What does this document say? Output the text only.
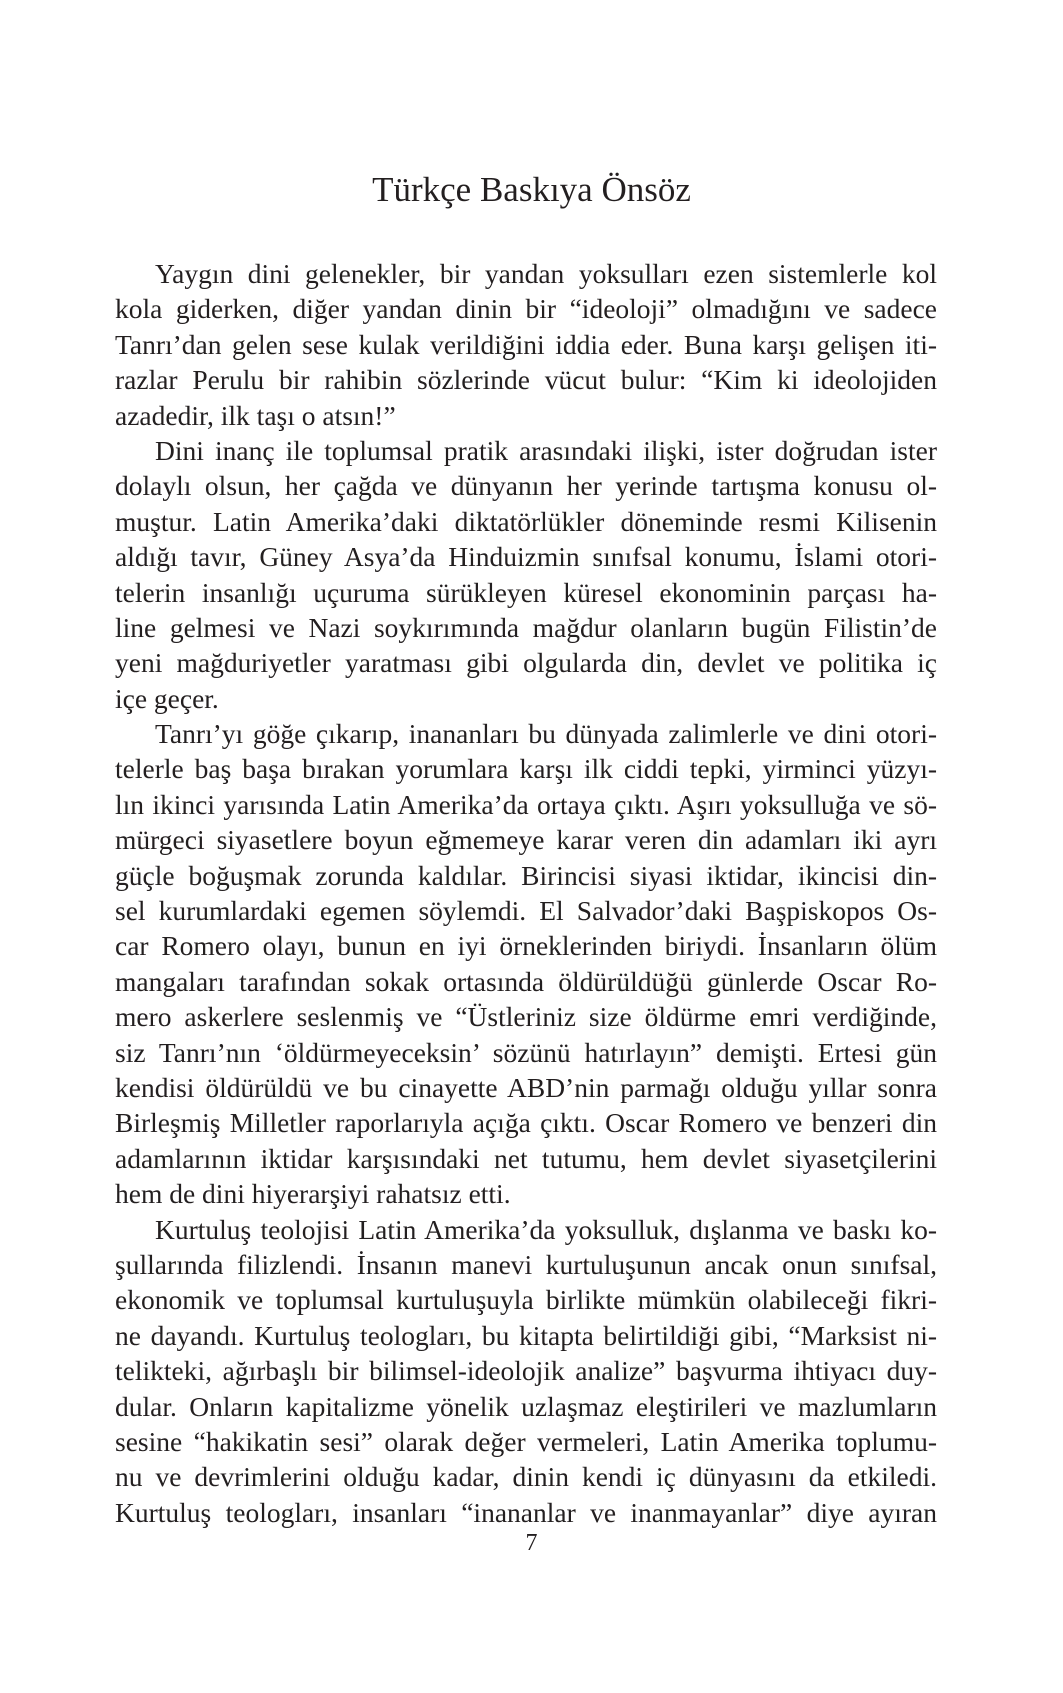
Türkçe Baskıya Önsöz
Yaygın dini gelenekler, bir yandan yoksulları ezen sistemlerle kol
kola giderken, diğer yandan dinin bir “ideoloji” olmadığını ve sadece
Tanrı’dan gelen sese kulak verildiğini iddia eder. Buna karşı gelişen iti-
razlar Perulu bir rahibin sözlerinde vücut bulur: “Kim ki ideolojiden
azadedir, ilk taşı o atsın!”
Dini inanç ile toplumsal pratik arasındaki ilişki, ister doğrudan ister
dolaylı olsun, her çağda ve dünyanın her yerinde tartışma konusu ol-
muştur. Latin Amerika’daki diktatörlükler döneminde resmi Kilisenin
aldığı tavır, Güney Asya’da Hinduizmin sınıfsal konumu, İslami otori-
telerin insanlığı uçuruma sürükleyen küresel ekonominin parçası ha-
line gelmesi ve Nazi soykırımında mağdur olanların bugün Filistin’de
yeni mağduriyetler yaratması gibi olgularda din, devlet ve politika iç
içe geçer.
Tanrı’yı göğe çıkarıp, inananları bu dünyada zalimlerle ve dini otori-
telerle baş başa bırakan yorumlara karşı ilk ciddi tepki, yirminci yüzyı-
lın ikinci yarısında Latin Amerika’da ortaya çıktı. Aşırı yoksulluğa ve sö-
mürgeci siyasetlere boyun eğmemeye karar veren din adamları iki ayrı
güçle boğuşmak zorunda kaldılar. Birincisi siyasi iktidar, ikincisi din-
sel kurumlardaki egemen söylemdi. El Salvador’daki Başpiskopos Os-
car Romero olayı, bunun en iyi örneklerinden biriydi. İnsanların ölüm
mangaları tarafından sokak ortasında öldürüldüğü günlerde Oscar Ro-
mero askerlere seslenmiş ve “Üstleriniz size öldürme emri verdiğinde,
siz Tanrı’nın ‘öldürmeyeceksin’ sözünü hatırlayın” demişti. Ertesi gün
kendisi öldürüldü ve bu cinayette ABD’nin parmağı olduğu yıllar sonra
Birleşmiş Milletler raporlarıyla açığa çıktı. Oscar Romero ve benzeri din
adamlarının iktidar karşısındaki net tutumu, hem devlet siyasetçilerini
hem de dini hiyerarşiyi rahatsız etti.
Kurtuluş teolojisi Latin Amerika’da yoksulluk, dışlanma ve baskı ko-
şullarında filizlendi. İnsanın manevi kurtuluşunun ancak onun sınıfsal,
ekonomik ve toplumsal kurtuluşuyla birlikte mümkün olabileceği fikri-
ne dayandı. Kurtuluş teologları, bu kitapta belirtildiği gibi, “Marksist ni-
telikteki, ağırbaşlı bir bilimsel-ideolojik analize” başvurma ihtiyacı duy-
dular. Onların kapitalizme yönelik uzlaşmaz eleştirileri ve mazlumların
sesine “hakikatin sesi” olarak değer vermeleri, Latin Amerika toplumu-
nu ve devrimlerini olduğu kadar, dinin kendi iç dünyasını da etkiledi.
Kurtuluş teologları, insanları “inananlar ve inanmayanlar” diye ayıran
7
